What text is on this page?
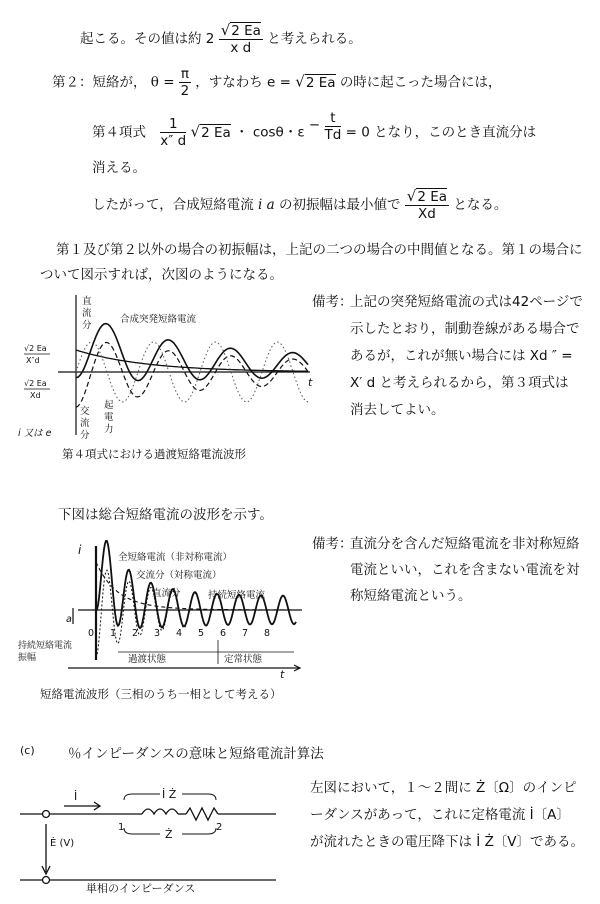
起こる。その値は約 $2 \frac{√2 Ea}{\text{x d}}$ と考えられる。
第２：短絡が， $\theta = \frac{\pi}{2}$ ，すなわち e = √2 Ea の時に起こった場合には，
第４項式 $\frac{1}{x'' d} √2$ Ea ・ cosθ・$\varepsilon - \frac{t}{Td} = 0$ となり，このとき直流分は
消える。
したがって，合成短絡電流 i a の初振幅は最小値で $\frac{√2 Ea}{Xd}$ となる。
第１及び第２以外の場合の初振幅は，上記の二つの場合の中間値となる。第１の場合に
ついて図示すれば，次図のようになる。
備考：
上記の突発短絡電流の式は42ページで
示したとおり，制動巻線がある場合で
あるが，これが無い場合には Xd ″ =
X′ d と考えられるから，第３項式は
消去してよい。
直
流
分
合成突発短絡電流
√2 Ea
X″d
√2 Ea
Xd
交
流
分
起
電
力
i 又は e
t
第４項式における過渡短絡電流波形
下図は総合短絡電流の波形を示す。
備考：
直流分を含んだ短絡電流を非対称短絡
電流といい，これを含まない電流を対
称短絡電流という。
i
全短絡電流（非対称電流）
交流分（対称電流）
直流分	持続短絡電流
a
0 1 2 3 4 5 6 7 8
持続短絡電流
振幅	過渡状態	定常状態
t
短絡電流波形（三相のうち一相として考える）
(c) ％インピーダンスの意味と短絡電流計算法
左図において，１〜２間に Ż〔Ω〕のインピ
ーダンスがあって，これに定格電流 İ〔A〕
が流れたときの電圧降下は İ Ż〔V〕である。
İ	İ Ż
Ż
1	2
Ė (V)
単相のインピーダンス
